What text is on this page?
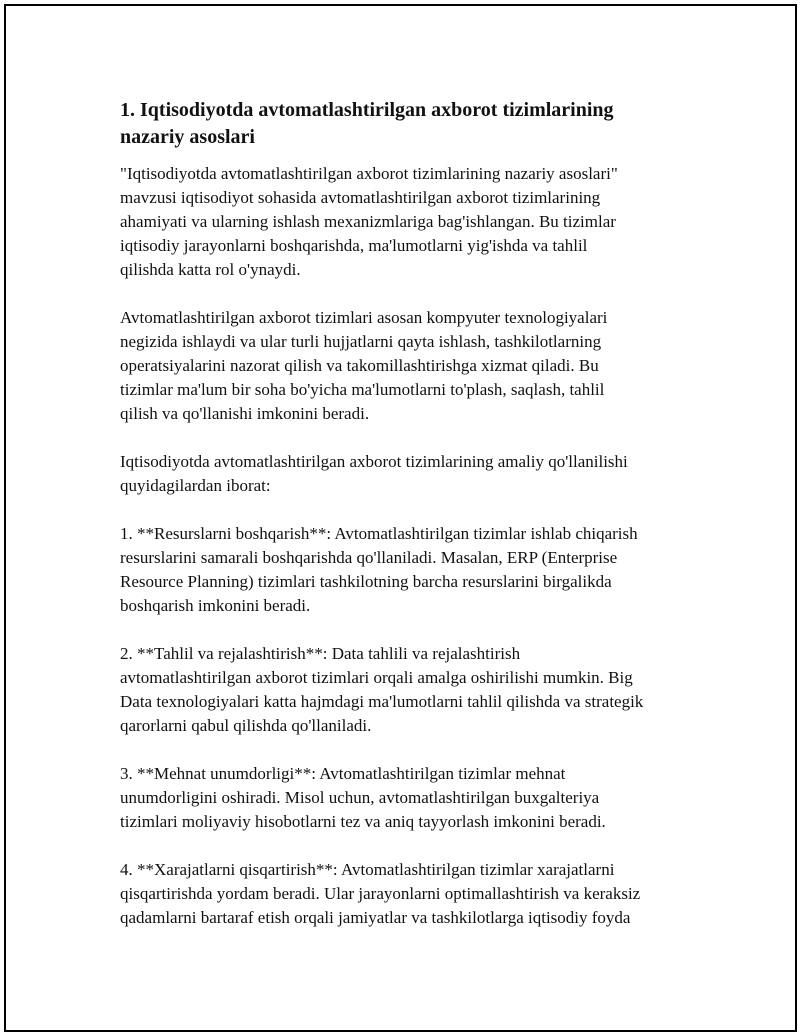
1. Iqtisodiyotda avtomatlashtirilgan axborot tizimlarining
nazariy asoslari
"Iqtisodiyotda avtomatlashtirilgan axborot tizimlarining nazariy asoslari"
mavzusi iqtisodiyot sohasida avtomatlashtirilgan axborot tizimlarining
ahamiyati va ularning ishlash mexanizmlariga bag'ishlangan. Bu tizimlar
iqtisodiy jarayonlarni boshqarishda, ma'lumotlarni yig'ishda va tahlil
qilishda katta rol o'ynaydi.
Avtomatlashtirilgan axborot tizimlari asosan kompyuter texnologiyalari
negizida ishlaydi va ular turli hujjatlarni qayta ishlash, tashkilotlarning
operatsiyalarini nazorat qilish va takomillashtirishga xizmat qiladi. Bu
tizimlar ma'lum bir soha bo'yicha ma'lumotlarni to'plash, saqlash, tahlil
qilish va qo'llanishi imkonini beradi.
Iqtisodiyotda avtomatlashtirilgan axborot tizimlarining amaliy qo'llanilishi
quyidagilardan iborat:
1. **Resurslarni boshqarish**: Avtomatlashtirilgan tizimlar ishlab chiqarish
resurslarini samarali boshqarishda qo'llaniladi. Masalan, ERP (Enterprise
Resource Planning) tizimlari tashkilotning barcha resurslarini birgalikda
boshqarish imkonini beradi.
2. **Tahlil va rejalashtirish**: Data tahlili va rejalashtirish
avtomatlashtirilgan axborot tizimlari orqali amalga oshirilishi mumkin. Big
Data texnologiyalari katta hajmdagi ma'lumotlarni tahlil qilishda va strategik
qarorlarni qabul qilishda qo'llaniladi.
3. **Mehnat unumdorligi**: Avtomatlashtirilgan tizimlar mehnat
unumdorligini oshiradi. Misol uchun, avtomatlashtirilgan buxgalteriya
tizimlari moliyaviy hisobotlarni tez va aniq tayyorlash imkonini beradi.
4. **Xarajatlarni qisqartirish**: Avtomatlashtirilgan tizimlar xarajatlarni
qisqartirishda yordam beradi. Ular jarayonlarni optimallashtirish va keraksiz
qadamlarni bartaraf etish orqali jamiyatlar va tashkilotlarga iqtisodiy foyda
